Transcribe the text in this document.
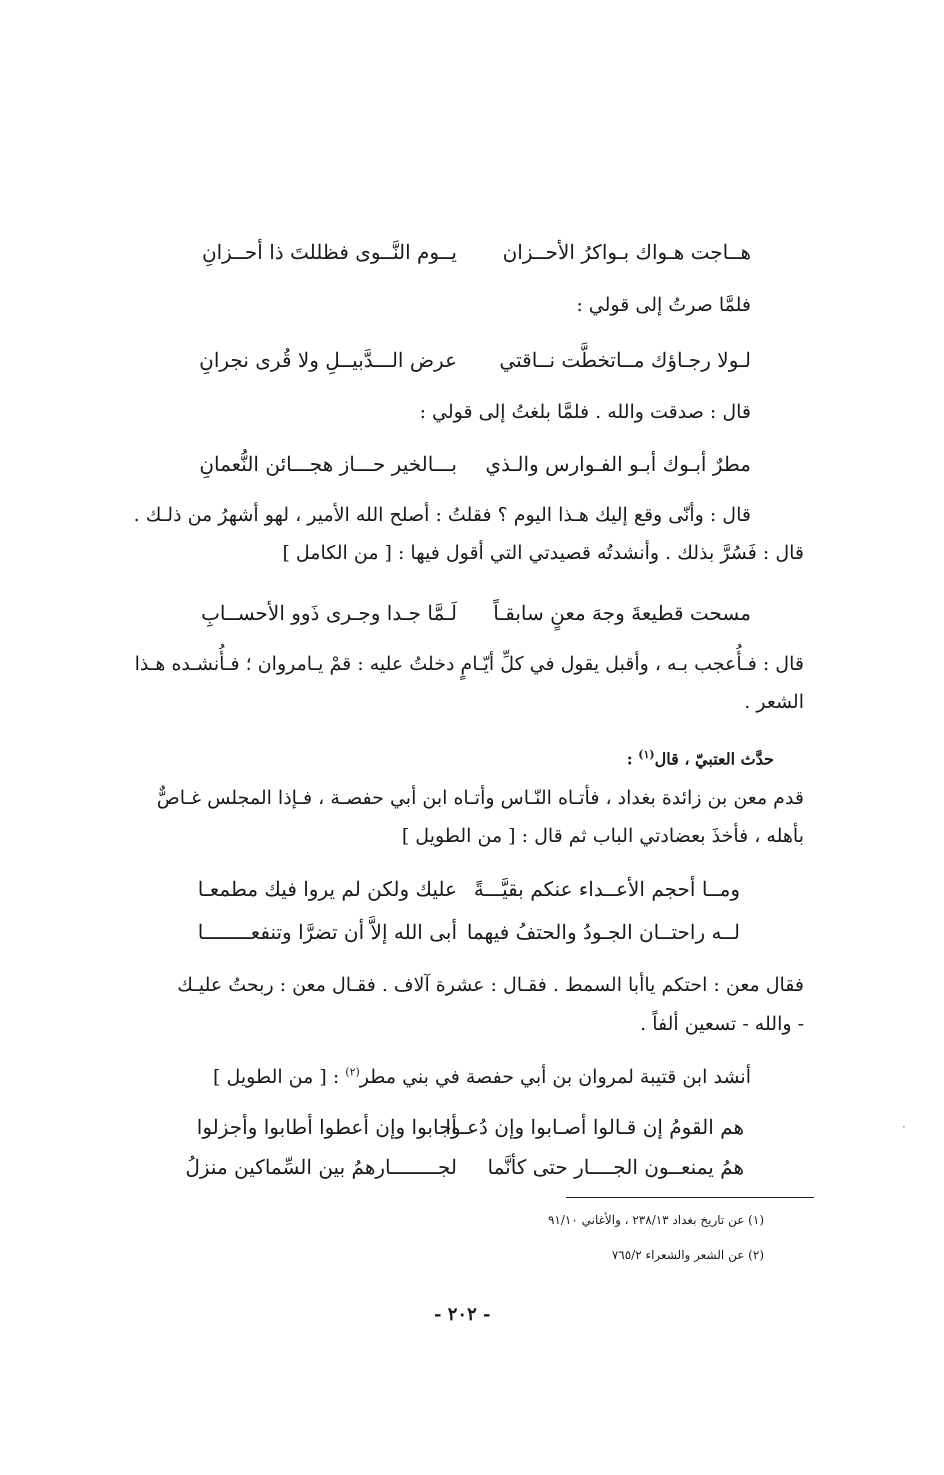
هــاجت هـواك بـواكرُ الأحــزان
يــوم النَّــوى فظللتَ ذا أحــزانِ
فلمَّا صرتُ إلى قولي :
لـولا رجـاؤك مــاتخطَّت نــاقتي
عرض الـــدَّبيــلِ ولا قُرى نجرانِ
قال : صدقت والله . فلمَّا بلغتُ إلى قولي :
مطرٌ أبـوك أبـو الفـوارس والـذي
بـــالخير حـــاز هجـــائن النُّعمانِ
قال : وأنّى وقع إليك هـذا اليوم ؟ فقلتُ : أصلح الله الأمير ، لهو أشهرُ من ذلـك .
قال : فَسُرَّ بذلك . وأنشدتُه قصيدتي التي أقول فيها : [ من الكامل ]
مسحت قطيعةَ وجهَ معنٍ سابقـاً
لَـمَّا جـدا وجـرى ذَوو الأحســابِ
قال : فـأُعجب بـه ، وأقبل يقول في كلِّ أيّـامٍ دخلتُ عليه : قمْ يـامروان ؛ فـأُنشـده هـذا
الشعر .
حدَّث العتبيّ ، قال$^{(١)}$ :
قدم معن بن زائدة بغداد ، فأتـاه النّـاس وأتـاه ابن أبي حفصـة ، فـإذا المجلس غـاصٌّ
بأهله ، فأخذَ بعضادتي الباب ثم قال : [ من الطويل ]
ومــا أحجم الأعــداء عنكم بقيَّـــةً
عليك ولكن لم يروا فيك مطمعـا
لــه راحتــان الجـودُ والحتفُ فيهما
أبى الله إلاَّ أن تضرَّا وتنفعــــــــا
فقال معن : احتكم ياأبا السمط . فقـال : عشرة آلاف . فقـال معن : ربحتُ عليـك
- والله - تسعين ألفاً .
أنشد ابن قتيبة لمروان بن أبي حفصة في بني مطر$^{(٢)}$ : [ من الطويل ]
هم القومُ إن قـالوا أصـابوا وإن دُعـوا
أجابوا وإن أعطوا أطابوا وأجزلوا
همُ يمنعــون الجــــار حتى كأنَّما
لجــــــــارهمُ بين السِّماكين منزلُ
(١) عن تاريخ بغداد ٢٣٨/١٣ ، والأغاني ٩١/١٠
(٢) عن الشعر والشعراء ٧٦٥/٢
- ٢٠٢ -
·
